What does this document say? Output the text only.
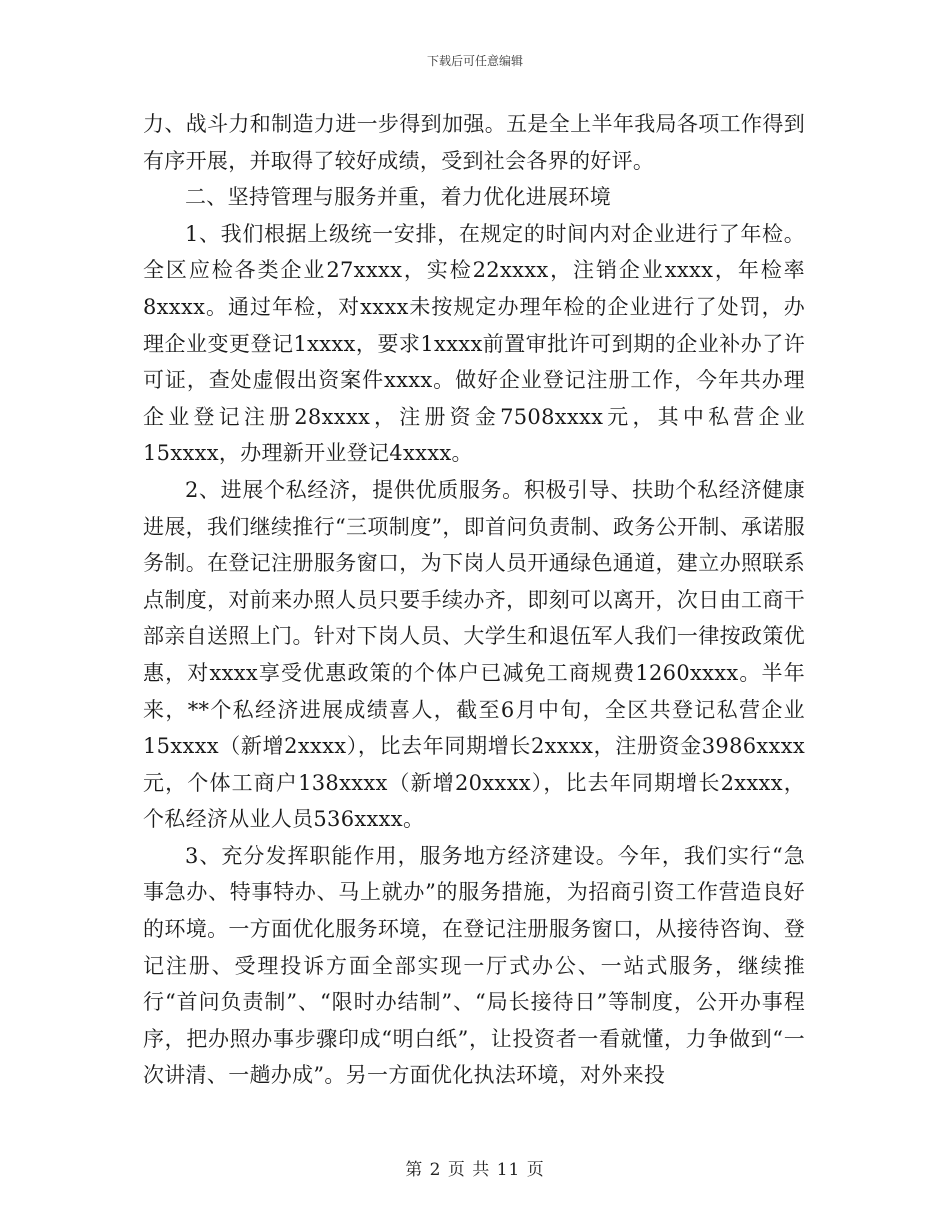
下载后可任意编辑

力、战斗力和制造力进一步得到加强。五是全上半年我局各项工作得到有序开展，并取得了较好成绩，受到社会各界的好评。

二、坚持管理与服务并重，着力优化进展环境

1、我们根据上级统一安排，在规定的时间内对企业进行了年检。全区应检各类企业27xxxx，实检22xxxx，注销企业xxxx，年检率8xxxx。通过年检，对xxxx未按规定办理年检的企业进行了处罚，办理企业变更登记1xxxx，要求1xxxx前置审批许可到期的企业补办了许可证，查处虚假出资案件xxxx。做好企业登记注册工作，今年共办理企业登记注册28xxxx，注册资金7508xxxx元，其中私营企业15xxxx，办理新开业登记4xxxx。

2、进展个私经济，提供优质服务。积极引导、扶助个私经济健康进展，我们继续推行“三项制度”，即首问负责制、政务公开制、承诺服务制。在登记注册服务窗口，为下岗人员开通绿色通道，建立办照联系点制度，对前来办照人员只要手续办齐，即刻可以离开，次日由工商干部亲自送照上门。针对下岗人员、大学生和退伍军人我们一律按政策优惠，对xxxx享受优惠政策的个体户已减免工商规费1260xxxx。半年来，**个私经济进展成绩喜人，截至6月中旬，全区共登记私营企业15xxxx（新增2xxxx），比去年同期增长2xxxx，注册资金3986xxxx元，个体工商户138xxxx（新增20xxxx），比去年同期增长2xxxx，个私经济从业人员536xxxx。

3、充分发挥职能作用，服务地方经济建设。今年，我们实行“急事急办、特事特办、马上就办”的服务措施，为招商引资工作营造良好的环境。一方面优化服务环境，在登记注册服务窗口，从接待咨询、登记注册、受理投诉方面全部实现一厅式办公、一站式服务，继续推行“首问负责制”、“限时办结制”、“局长接待日”等制度，公开办事程序，把办照办事步骤印成“明白纸”，让投资者一看就懂，力争做到“一次讲清、一趟办成”。另一方面优化执法环境，对外来投

第 2 页 共 11 页
